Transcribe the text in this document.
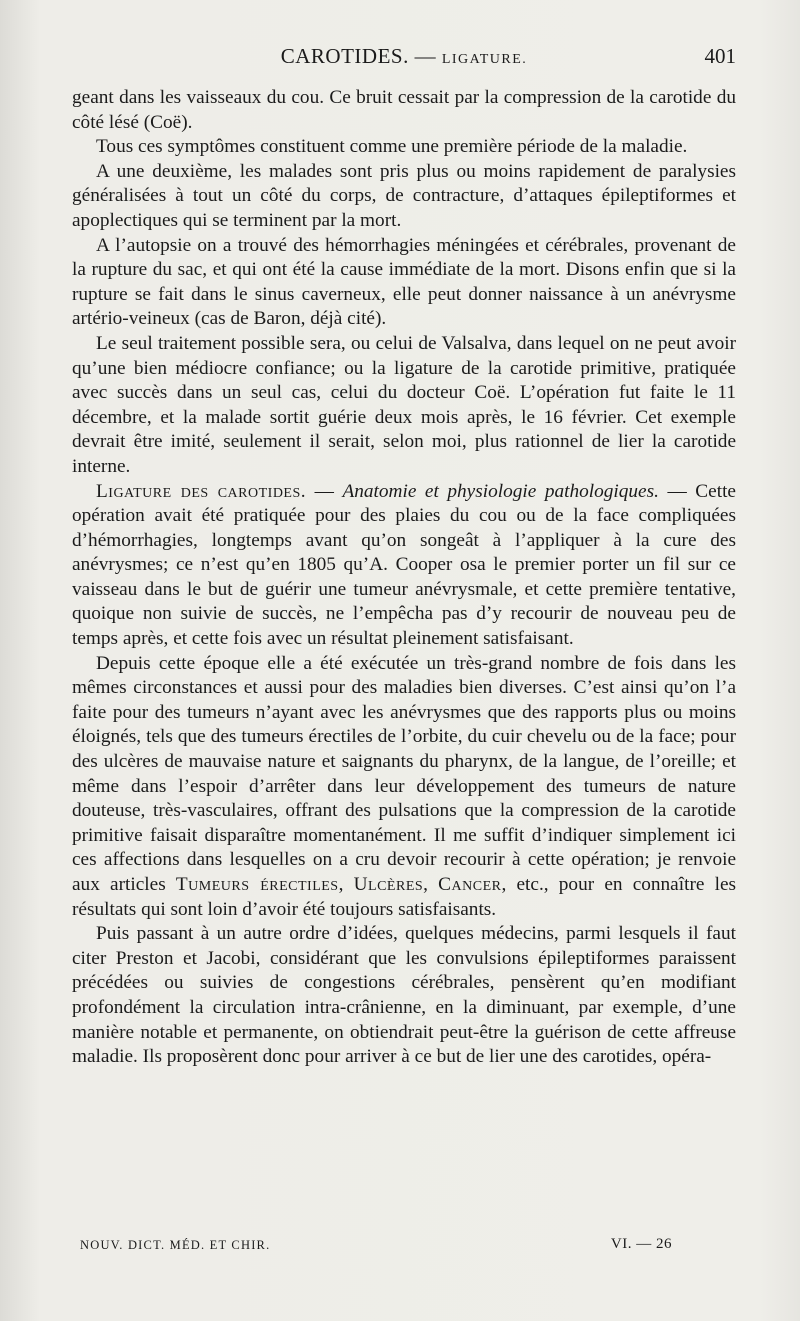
CAROTIDES. — LIGATURE.	401

geant dans les vaisseaux du cou. Ce bruit cessait par la compression de la carotide du côté lésé (Coë).

Tous ces symptômes constituent comme une première période de la maladie.

A une deuxième, les malades sont pris plus ou moins rapidement de paralysies généralisées à tout un côté du corps, de contracture, d’attaques épileptiformes et apoplectiques qui se terminent par la mort.

A l’autopsie on a trouvé des hémorrhagies méningées et cérébrales, provenant de la rupture du sac, et qui ont été la cause immédiate de la mort. Disons enfin que si la rupture se fait dans le sinus caverneux, elle peut donner naissance à un anévrysme artério-veineux (cas de Baron, déjà cité).

Le seul traitement possible sera, ou celui de Valsalva, dans lequel on ne peut avoir qu’une bien médiocre confiance; ou la ligature de la carotide primitive, pratiquée avec succès dans un seul cas, celui du docteur Coë. L’opération fut faite le 11 décembre, et la malade sortit guérie deux mois après, le 16 février. Cet exemple devrait être imité, seulement il serait, selon moi, plus rationnel de lier la carotide interne.

Ligature des carotides. — Anatomie et physiologie pathologiques. — Cette opération avait été pratiquée pour des plaies du cou ou de la face compliquées d’hémorrhagies, longtemps avant qu’on songeât à l’appliquer à la cure des anévrysmes; ce n’est qu’en 1805 qu’A. Cooper osa le premier porter un fil sur ce vaisseau dans le but de guérir une tumeur anévrysmale, et cette première tentative, quoique non suivie de succès, ne l’empêcha pas d’y recourir de nouveau peu de temps après, et cette fois avec un résultat pleinement satisfaisant.

Depuis cette époque elle a été exécutée un très-grand nombre de fois dans les mêmes circonstances et aussi pour des maladies bien diverses. C’est ainsi qu’on l’a faite pour des tumeurs n’ayant avec les anévrysmes que des rapports plus ou moins éloignés, tels que des tumeurs érectiles de l’orbite, du cuir chevelu ou de la face; pour des ulcères de mauvaise nature et saignants du pharynx, de la langue, de l’oreille; et même dans l’espoir d’arrêter dans leur développement des tumeurs de nature douteuse, très-vasculaires, offrant des pulsations que la compression de la carotide primitive faisait disparaître momentanément. Il me suffit d’indiquer simplement ici ces affections dans lesquelles on a cru devoir recourir à cette opération; je renvoie aux articles Tumeurs érectiles, Ulcères, Cancer, etc., pour en connaître les résultats qui sont loin d’avoir été toujours satisfaisants.

Puis passant à un autre ordre d’idées, quelques médecins, parmi lesquels il faut citer Preston et Jacobi, considérant que les convulsions épileptiformes paraissent précédées ou suivies de congestions cérébrales, pensèrent qu’en modifiant profondément la circulation intra-crânienne, en la diminuant, par exemple, d’une manière notable et permanente, on obtiendrait peut-être la guérison de cette affreuse maladie. Ils proposèrent donc pour arriver à ce but de lier une des carotides, opéra-

NOUV. DICT. MÉD. ET CHIR.	VI. — 26
